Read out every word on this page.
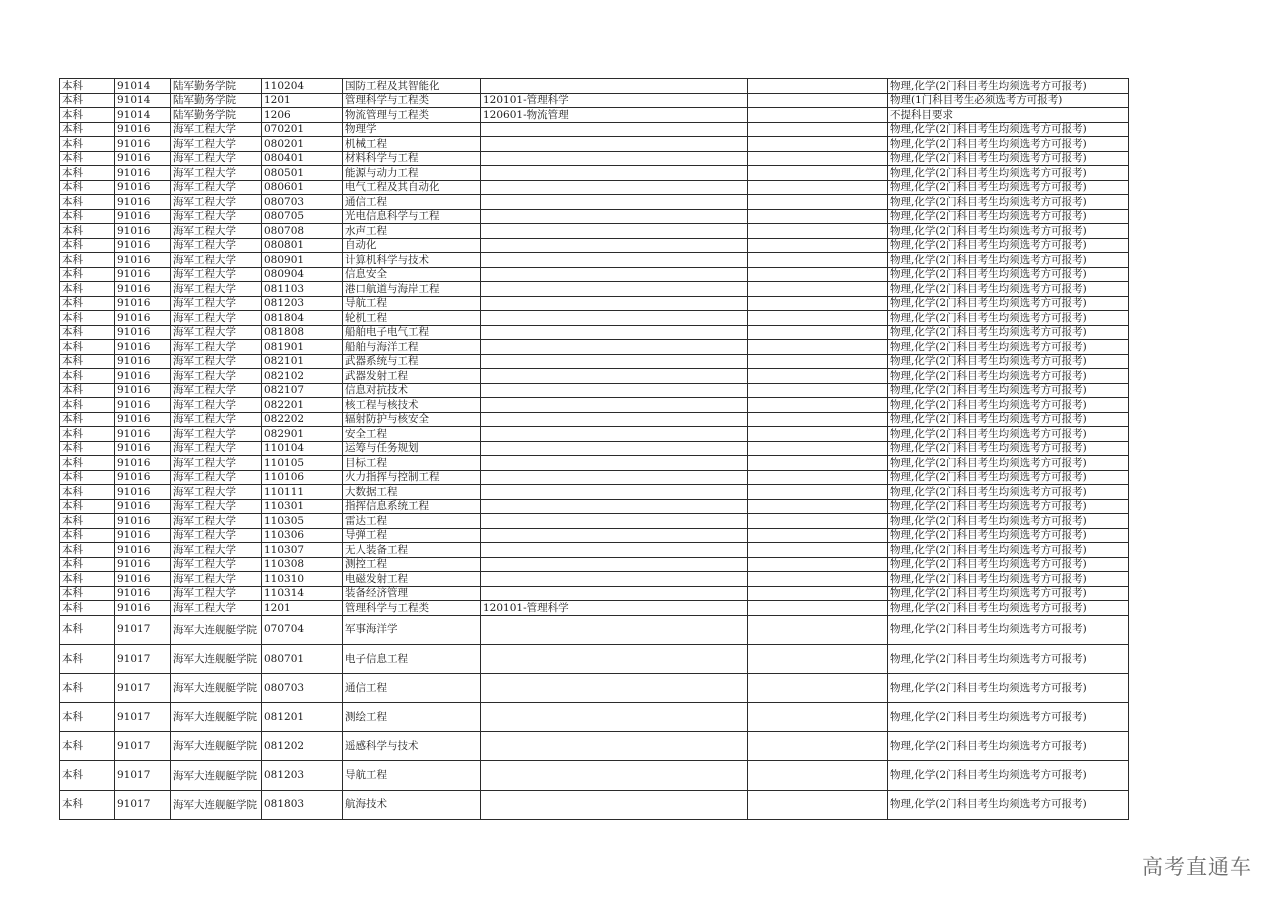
本科	91014	陆军勤务学院	110204	国防工程及其智能化			物理,化学(2门科目考生均须选考方可报考)
本科	91014	陆军勤务学院	1201	管理科学与工程类	120101-管理科学		物理(1门科目考生必须选考方可报考)
本科	91014	陆军勤务学院	1206	物流管理与工程类	120601-物流管理		不提科目要求
本科	91016	海军工程大学	070201	物理学			物理,化学(2门科目考生均须选考方可报考)
本科	91016	海军工程大学	080201	机械工程			物理,化学(2门科目考生均须选考方可报考)
本科	91016	海军工程大学	080401	材料科学与工程			物理,化学(2门科目考生均须选考方可报考)
本科	91016	海军工程大学	080501	能源与动力工程			物理,化学(2门科目考生均须选考方可报考)
本科	91016	海军工程大学	080601	电气工程及其自动化			物理,化学(2门科目考生均须选考方可报考)
本科	91016	海军工程大学	080703	通信工程			物理,化学(2门科目考生均须选考方可报考)
本科	91016	海军工程大学	080705	光电信息科学与工程			物理,化学(2门科目考生均须选考方可报考)
本科	91016	海军工程大学	080708	水声工程			物理,化学(2门科目考生均须选考方可报考)
本科	91016	海军工程大学	080801	自动化			物理,化学(2门科目考生均须选考方可报考)
本科	91016	海军工程大学	080901	计算机科学与技术			物理,化学(2门科目考生均须选考方可报考)
本科	91016	海军工程大学	080904	信息安全			物理,化学(2门科目考生均须选考方可报考)
本科	91016	海军工程大学	081103	港口航道与海岸工程			物理,化学(2门科目考生均须选考方可报考)
本科	91016	海军工程大学	081203	导航工程			物理,化学(2门科目考生均须选考方可报考)
本科	91016	海军工程大学	081804	轮机工程			物理,化学(2门科目考生均须选考方可报考)
本科	91016	海军工程大学	081808	船舶电子电气工程			物理,化学(2门科目考生均须选考方可报考)
本科	91016	海军工程大学	081901	船舶与海洋工程			物理,化学(2门科目考生均须选考方可报考)
本科	91016	海军工程大学	082101	武器系统与工程			物理,化学(2门科目考生均须选考方可报考)
本科	91016	海军工程大学	082102	武器发射工程			物理,化学(2门科目考生均须选考方可报考)
本科	91016	海军工程大学	082107	信息对抗技术			物理,化学(2门科目考生均须选考方可报考)
本科	91016	海军工程大学	082201	核工程与核技术			物理,化学(2门科目考生均须选考方可报考)
本科	91016	海军工程大学	082202	辐射防护与核安全			物理,化学(2门科目考生均须选考方可报考)
本科	91016	海军工程大学	082901	安全工程			物理,化学(2门科目考生均须选考方可报考)
本科	91016	海军工程大学	110104	运筹与任务规划			物理,化学(2门科目考生均须选考方可报考)
本科	91016	海军工程大学	110105	目标工程			物理,化学(2门科目考生均须选考方可报考)
本科	91016	海军工程大学	110106	火力指挥与控制工程			物理,化学(2门科目考生均须选考方可报考)
本科	91016	海军工程大学	110111	大数据工程			物理,化学(2门科目考生均须选考方可报考)
本科	91016	海军工程大学	110301	指挥信息系统工程			物理,化学(2门科目考生均须选考方可报考)
本科	91016	海军工程大学	110305	雷达工程			物理,化学(2门科目考生均须选考方可报考)
本科	91016	海军工程大学	110306	导弹工程			物理,化学(2门科目考生均须选考方可报考)
本科	91016	海军工程大学	110307	无人装备工程			物理,化学(2门科目考生均须选考方可报考)
本科	91016	海军工程大学	110308	测控工程			物理,化学(2门科目考生均须选考方可报考)
本科	91016	海军工程大学	110310	电磁发射工程			物理,化学(2门科目考生均须选考方可报考)
本科	91016	海军工程大学	110314	装备经济管理			物理,化学(2门科目考生均须选考方可报考)
本科	91016	海军工程大学	1201	管理科学与工程类	120101-管理科学		物理,化学(2门科目考生均须选考方可报考)
本科	91017	海军大连舰艇学院	070704	军事海洋学			物理,化学(2门科目考生均须选考方可报考)
本科	91017	海军大连舰艇学院	080701	电子信息工程			物理,化学(2门科目考生均须选考方可报考)
本科	91017	海军大连舰艇学院	080703	通信工程			物理,化学(2门科目考生均须选考方可报考)
本科	91017	海军大连舰艇学院	081201	测绘工程			物理,化学(2门科目考生均须选考方可报考)
本科	91017	海军大连舰艇学院	081202	遥感科学与技术			物理,化学(2门科目考生均须选考方可报考)
本科	91017	海军大连舰艇学院	081203	导航工程			物理,化学(2门科目考生均须选考方可报考)
本科	91017	海军大连舰艇学院	081803	航海技术			物理,化学(2门科目考生均须选考方可报考)
高考直通车
